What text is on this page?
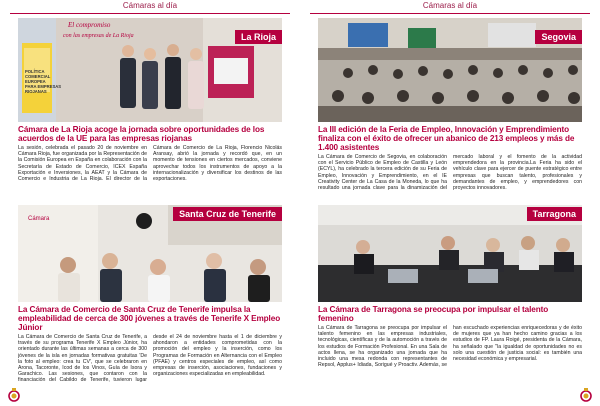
Cámaras al día
El compromiso
con las empresas de La Rioja
POLÍTICA
COMERCIAL
EUROPEA
PARA EMPRESAS
RIOJANAS
La Rioja
Cámara de La Rioja acoge la jornada sobre oportunidades de los acuerdos de la UE para las empresas riojanas
La sesión, celebrada el pasado 20 de noviembre en Cámara Rioja, fue organizada por la Representación de la Comisión Europea en España en colaboración con la Secretaría de Estado de Comercio, ICEX España Exportación e Inversiones, la AEAT y la Cámara de Comercio e Industria de La Rioja. El director de la Cámara de Comercio de La Rioja, Florencio Nicolás Aransay, abrió la jornada y recordó que, en un momento de tensiones en ciertos mercados, conviene aprovechar todos los instrumentos de apoyo a la internacionalización y diversificar los destinos de las exportaciones.
Cámara	Santa Cruz de Tenerife
La Cámara de Comercio de Santa Cruz de Tenerife impulsa la empleabilidad de cerca de 300 jóvenes a través de Tenerife X Empleo Júnior
La Cámara de Comercio de Santa Cruz de Tenerife, a través de su programa Tenerife X Empleo Júnior, ha orientado durante las últimas semanas a cerca de 300 jóvenes de la isla en jornadas formativas gratuitas 'De la foto al empleo: crea tu CV', que se celebraron en Arona, Tacoronte, Icod de los Vinos, Guía de Isora y Garachico. Las sesiones, que contaron con la financiación del Cabildo de Tenerife, tuvieron lugar desde el 24 de noviembre hasta el 1 de diciembre y ahondaron a entidades comprometidas con la promoción del empleo y la inserción, como los Programas de Formación en Alternancia con el Empleo (PFAE) y centros especiales de empleo, así como empresas de inserción, asociaciones, fundaciones y organizaciones especializadas en empleabilidad.
Cámaras al día
Segovia
La III edición de la Feria de Empleo, Innovación y Emprendimiento finaliza con el éxito de ofrecer un abanico de 213 empleos y más de 1.400 asistentes
La Cámara de Comercio de Segovia, en colaboración con el Servicio Público de Empleo de Castilla y León (ECYL), ha celebrado la tercera edición de su Feria de Empleo, Innovación y Emprendimiento, en el IE Creativity Center de La Casa de la Moneda, lo que ha resultado una jornada clave para la dinamización del mercado laboral y el fomento de la actividad emprendedora en la provincia.La Feria ha sido el vehículo clave para ejercer de puente estratégico entre empresas que buscan talento, profesionales y demandantes de empleo, y emprendedores con proyectos innovadores.
Tarragona
La Cámara de Tarragona se preocupa por impulsar el talento femenino
La Cámara de Tarragona se preocupa por impulsar el talento femenino en las empresas industriales, tecnológicas, científicas y de la automoción a través de los estudios de Formación Profesional. En una Sala de actos llena, se ha organizado una jornada que ha incluido una mesa redonda con representantes de Repsol, Applus+ Idiada, Sorigué y Proactiv. Además, se han escuchado experiencias enriquecedoras y de éxito de mujeres que ya han hecho camino gracias a los estudios de FP. Laura Roigé, presidenta de la Cámara, ha señalado que "la igualdad de oportunidades no es solo una cuestión de justicia social: es también una necesidad económica y empresarial.
